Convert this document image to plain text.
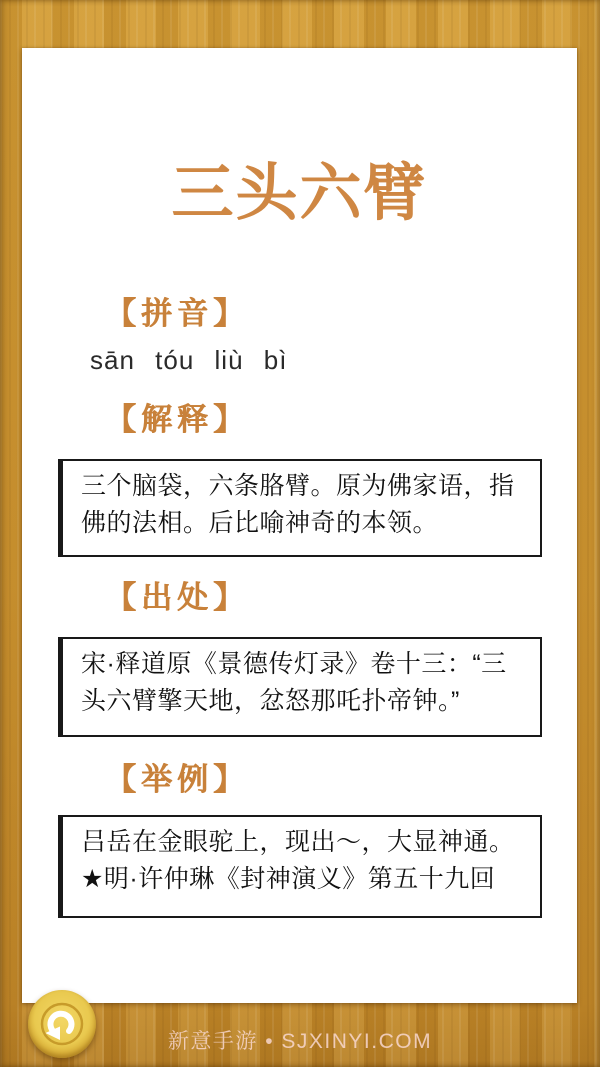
三头六臂
【拼音】
sān tóu liù bì
【解释】
三个脑袋，六条胳臂。原为佛家语，指佛的法相。后比喻神奇的本领。
【出处】
宋·释道原《景德传灯录》卷十三：“三头六臂擎天地，忿怒那吒扑帝钟。”
【举例】
吕岳在金眼驼上，现出～，大显神通。 ★明·许仲琳《封神演义》第五十九回
新意手游 • SJXINYI.COM
